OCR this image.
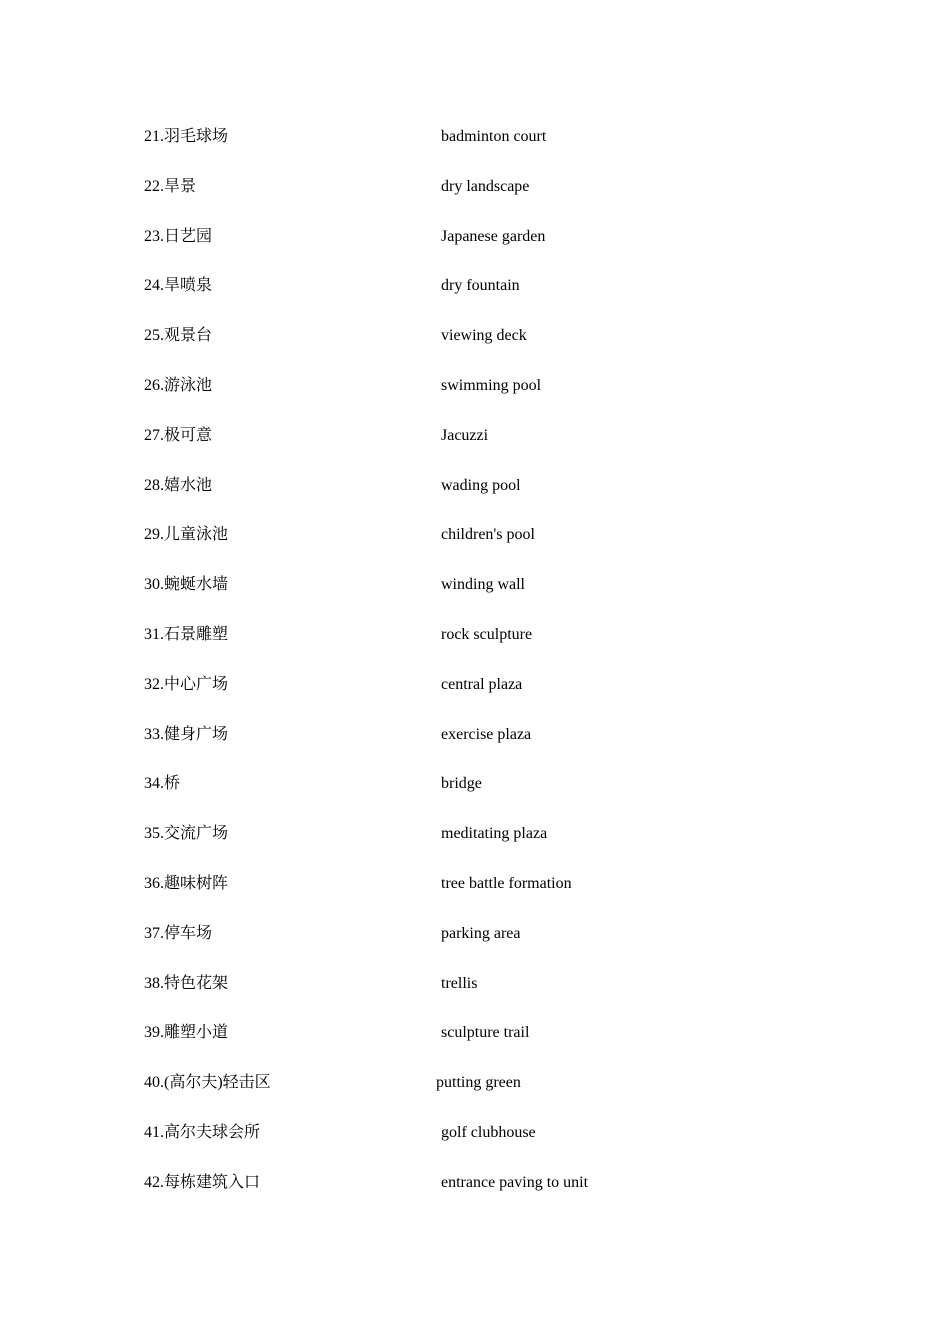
21.羽毛球场	badminton court
22.旱景	dry landscape
23.日艺园	Japanese garden
24.旱喷泉	dry fountain
25.观景台	viewing deck
26.游泳池	swimming pool
27.极可意	Jacuzzi
28.嬉水池	wading pool
29.儿童泳池	children's pool
30.蜿蜒水墙	winding wall
31.石景雕塑	rock sculpture
32.中心广场	central plaza
33.健身广场	exercise plaza
34.桥	bridge
35.交流广场	meditating plaza
36.趣味树阵	tree battle formation
37.停车场	parking area
38.特色花架	trellis
39.雕塑小道	sculpture trail
40.(高尔夫)轻击区	putting green
41.高尔夫球会所	golf clubhouse
42.每栋建筑入口	entrance paving to unit
